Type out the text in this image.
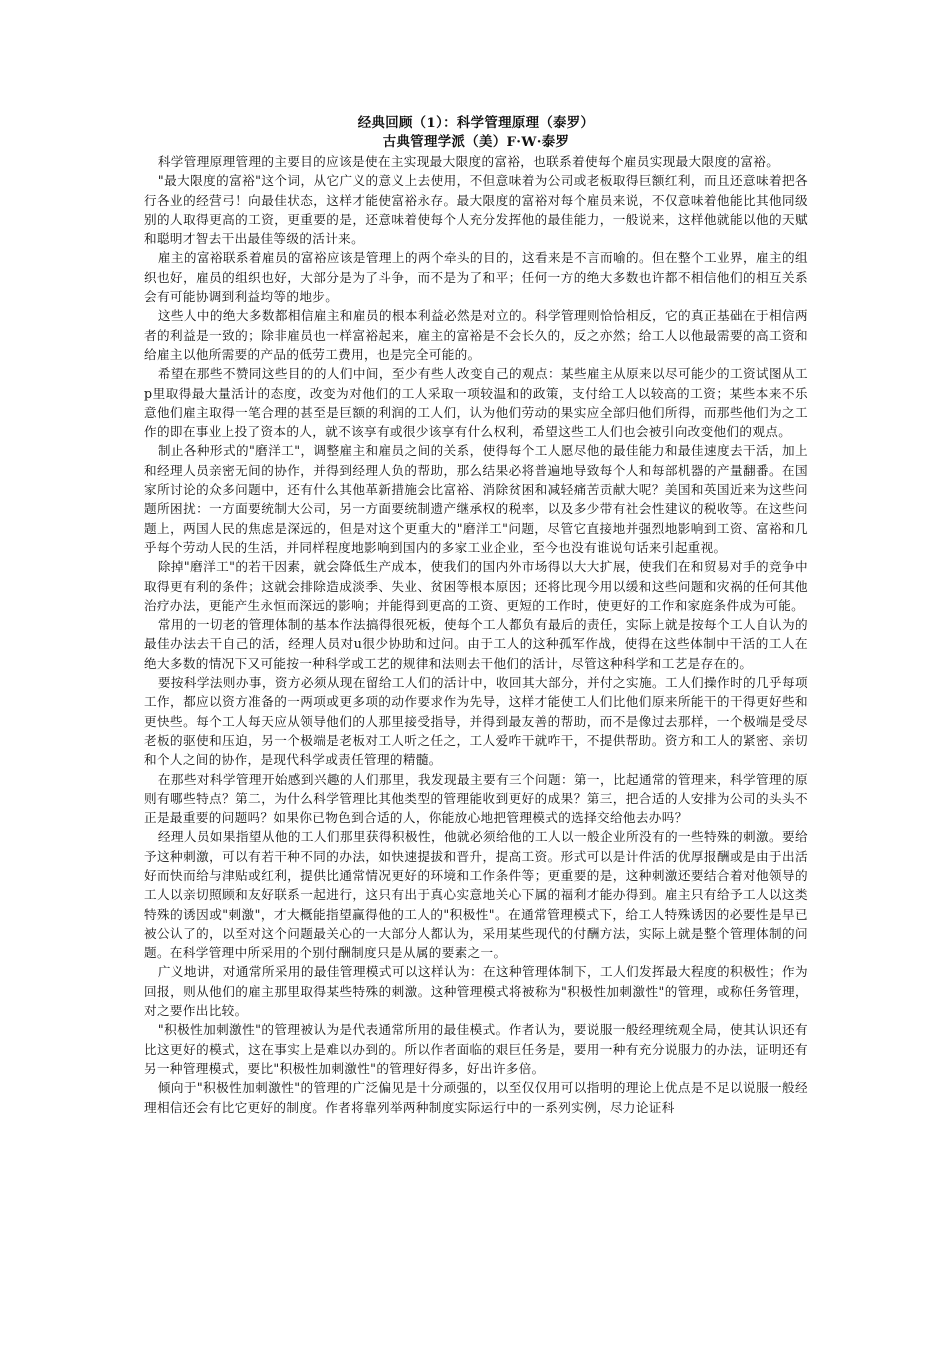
经典回顾（1）：科学管理原理（泰罗）
古典管理学派（美）F·W·泰罗

科学管理原理管理的主要目的应该是使在主实现最大限度的富裕，也联系着使每个雇员实现最大限度的富裕。

"最大限度的富裕"这个词，从它广义的意义上去使用，不但意味着为公司或老板取得巨额红利，而且还意味着把各行各业的经营弓！向最佳状态，这样才能使富裕永存。最大限度的富裕对每个雇员来说，不仅意味着他能比其他同级别的人取得更高的工资，更重要的是，还意味着使每个人充分发挥他的最佳能力，一般说来，这样他就能以他的天赋和聪明才智去干出最佳等级的活计来。

雇主的富裕联系着雇员的富裕应该是管理上的两个牵头的目的，这看来是不言而喻的。但在整个工业界，雇主的组织也好，雇员的组织也好，大部分是为了斗争，而不是为了和平；任何一方的绝大多数也许都不相信他们的相互关系会有可能协调到利益均等的地步。

这些人中的绝大多数都相信雇主和雇员的根本利益必然是对立的。科学管理则恰恰相反，它的真正基础在于相信两者的利益是一致的；除非雇员也一样富裕起来，雇主的富裕是不会长久的，反之亦然；给工人以他最需要的高工资和给雇主以他所需要的产品的低劳工费用，也是完全可能的。

希望在那些不赞同这些目的的人们中间，至少有些人改变自己的观点：某些雇主从原来以尽可能少的工资试图从工p里取得最大量活计的态度，改变为对他们的工人采取一项较温和的政策，支付给工人以较高的工资；某些本来不乐意他们雇主取得一笔合理的甚至是巨额的利润的工人们，认为他们劳动的果实应全部归他们所得，而那些他们为之工作的即在事业上投了资本的人，就不该享有或很少该享有什么权利，希望这些工人们也会被引向改变他们的观点。

制止各种形式的"磨洋工"，调整雇主和雇员之间的关系，使得每个工人愿尽他的最佳能力和最佳速度去干活，加上和经理人员亲密无间的协作，并得到经理人负的帮助，那么结果必将普遍地导致每个人和每部机器的产量翻番。在国家所讨论的众多问题中，还有什么其他革新措施会比富裕、消除贫困和减轻痛苦贡献大呢？美国和英国近来为这些问题所困扰：一方面要统制大公司，另一方面要统制遗产继承权的税率，以及多少带有社会性建议的税收等。在这些问题上，两国人民的焦虑是深远的，但是对这个更重大的"磨洋工"问题，尽管它直接地并强烈地影响到工资、富裕和几乎每个劳动人民的生活，并同样程度地影响到国内的多家工业企业，至今也没有谁说句话来引起重视。

除掉"磨洋工"的若干因素，就会降低生产成本，使我们的国内外市场得以大大扩展，使我们在和贸易对手的竞争中取得更有利的条件；这就会排除造成淡季、失业、贫困等根本原因；还将比现今用以缓和这些问题和灾祸的任何其他治疗办法，更能产生永恒而深远的影响；并能得到更高的工资、更短的工作时，使更好的工作和家庭条件成为可能。

常用的一切老的管理体制的基本作法搞得很死板，使每个工人都负有最后的责任，实际上就是按每个工人自认为的最佳办法去干自己的活，经理人员对u很少协助和过问。由于工人的这种孤军作战，使得在这些体制中干活的工人在绝大多数的情况下又可能按一种科学或工艺的规律和法则去干他们的活计，尽管这种科学和工艺是存在的。

要按科学法则办事，资方必须从现在留给工人们的活计中，收回其大部分，并付之实施。工人们操作时的几乎每项工作，都应以资方准备的一两项或更多项的动作要求作为先导，这样才能使工人们比他们原来所能干的干得更好些和更快些。每个工人每天应从领导他们的人那里接受指导，并得到最友善的帮助，而不是像过去那样，一个极端是受尽老板的驱使和压迫，另一个极端是老板对工人听之任之，工人爱咋干就咋干，不提供帮助。资方和工人的紧密、亲切和个人之间的协作，是现代科学或责任管理的精髓。

在那些对科学管理开始感到兴趣的人们那里，我发现最主要有三个问题：第一，比起通常的管理来，科学管理的原则有哪些特点？第二，为什么科学管理比其他类型的管理能收到更好的成果？第三，把合适的人安排为公司的头头不正是最重要的问题吗？如果你已物色到合适的人，你能放心地把管理模式的选择交给他去办吗？

经理人员如果指望从他的工人们那里获得积极性，他就必须给他的工人以一般企业所没有的一些特殊的刺激。要给予这种刺激，可以有若干种不同的办法，如快速提拔和晋升，提高工资。形式可以是计件活的优厚报酬或是由于出活好而快而给与津贴或红利，提供比通常情况更好的环境和工作条件等；更重要的是，这种刺激还要结合着对他领导的工人以亲切照顾和友好联系一起进行，这只有出于真心实意地关心下属的福利才能办得到。雇主只有给予工人以这类特殊的诱因或"刺激"，才大概能指望赢得他的工人的"积极性"。在通常管理模式下，给工人特殊诱因的必要性是早已被公认了的，以至对这个问题最关心的一大部分人都认为，采用某些现代的付酬方法，实际上就是整个管理体制的问题。在科学管理中所采用的个别付酬制度只是从属的要素之一。

广义地讲，对通常所采用的最佳管理模式可以这样认为：在这种管理体制下，工人们发挥最大程度的积极性；作为回报，则从他们的雇主那里取得某些特殊的刺激。这种管理模式将被称为"积极性加刺激性"的管理，或称任务管理，对之要作出比较。

"积极性加刺激性"的管理被认为是代表通常所用的最佳模式。作者认为，要说服一般经理统观全局，使其认识还有比这更好的模式，这在事实上是难以办到的。所以作者面临的艰巨任务是，要用一种有充分说服力的办法，证明还有另一种管理模式，要比"积极性加刺激性"的管理好得多，好出许多倍。

倾向于"积极性加刺激性"的管理的广泛偏见是十分顽强的，以至仅仅用可以指明的理论上优点是不足以说服一般经理相信还会有比它更好的制度。作者将靠列举两种制度实际运行中的一系列实例，尽力论证科
